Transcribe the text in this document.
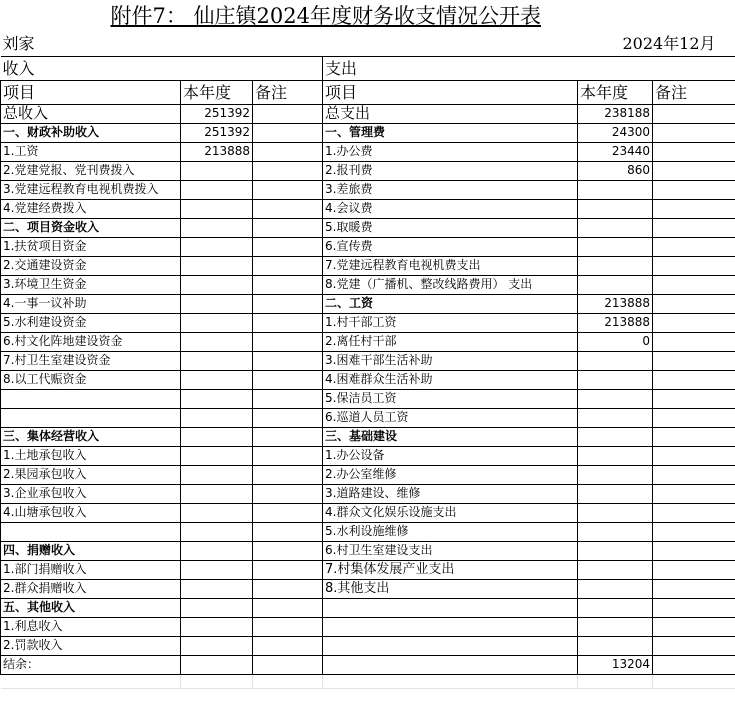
附件7： 仙庄镇2024年度财务收支情况公开表					
刘家			2024年12月		
收入			支出		
项目	本年度	备注	项目	本年度	备注
总收入	251392		总支出	238188	
一、财政补助收入	251392		一、管理费	24300	
1.工资	213888		1.办公费	23440	
2.党建党报、党刊费拨入			2.报刊费	860	
3.党建远程教育电视机费拨入			3.差旅费		
4.党建经费拨入			4.会议费		
二、项目资金收入			5.取暖费		
1.扶贫项目资金			6.宣传费		
2.交通建设资金			7.党建远程教育电视机费支出		
3.环境卫生资金			8.党建（广播机、整改线路费用） 支出		
4.一事一议补助			二、工资	213888	
5.水利建设资金			1.村干部工资	213888	
6.村文化阵地建设资金			2.离任村干部	0	
7.村卫生室建设资金			3.困难干部生活补助		
8.以工代赈资金			4.困难群众生活补助		
			5.保洁员工资		
			6.巡道人员工资		
三、集体经营收入			三、基础建设		
1.土地承包收入			1.办公设备		
2.果园承包收入			2.办公室维修		
3.企业承包收入			3.道路建设、维修		
4.山塘承包收入			4.群众文化娱乐设施支出		
			5.水利设施维修		
四、捐赠收入			6.村卫生室建设支出		
1.部门捐赠收入			7.村集体发展产业支出		
2.群众捐赠收入			8.其他支出		
五、其他收入					
1.利息收入					
2.罚款收入					
结余：				13204	
